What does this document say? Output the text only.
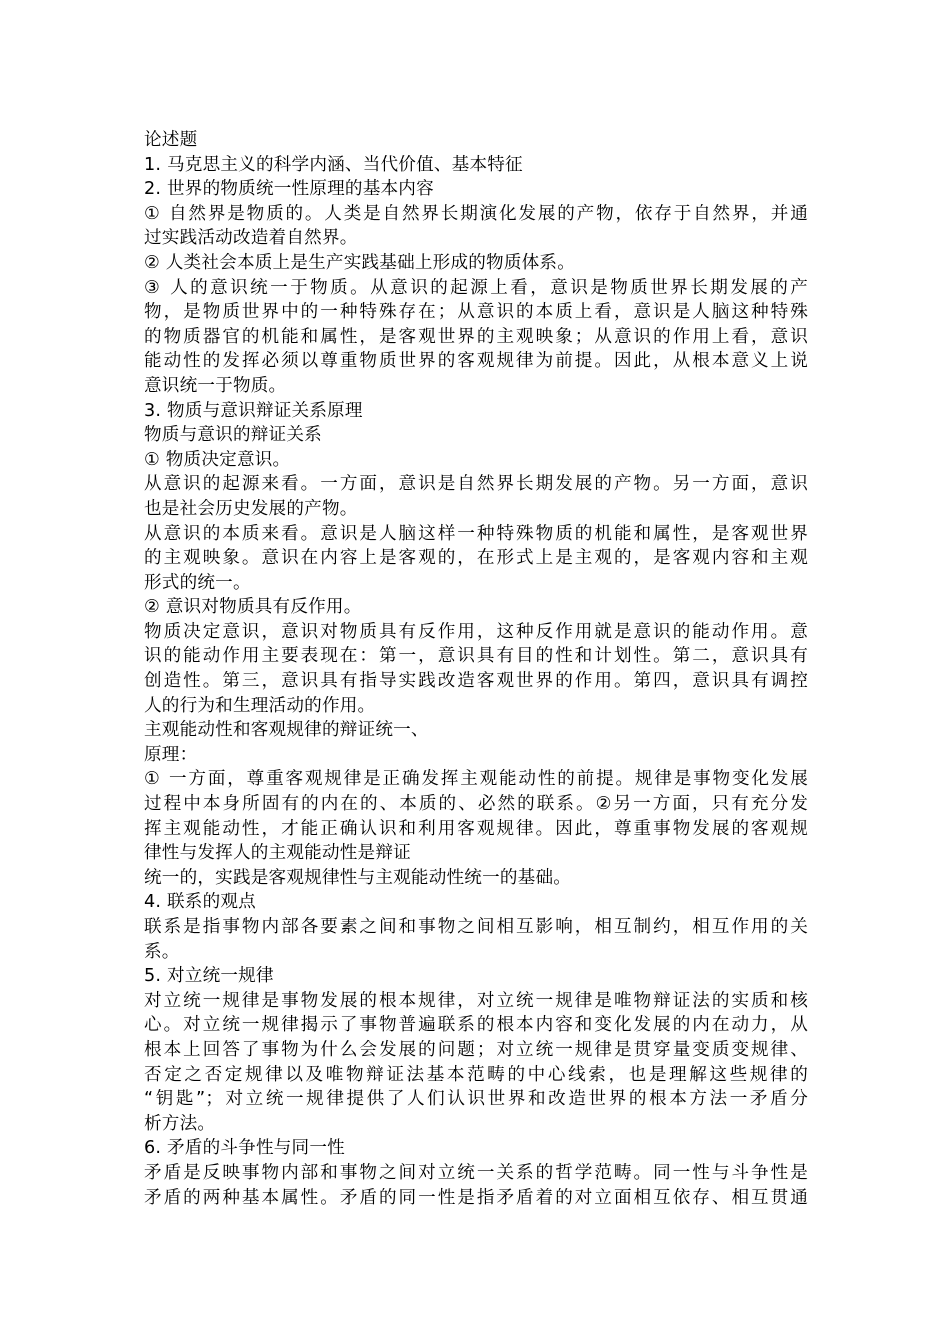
论述题
1. 马克思主义的科学内涵、当代价值、基本特征
2. 世界的物质统一性原理的基本内容
① 自然界是物质的。人类是自然界长期演化发展的产物，依存于自然界，并通
过实践活动改造着自然界。
② 人类社会本质上是生产实践基础上形成的物质体系。
③ 人的意识统一于物质。从意识的起源上看，意识是物质世界长期发展的产
物，是物质世界中的一种特殊存在；从意识的本质上看，意识是人脑这种特殊
的物质器官的机能和属性，是客观世界的主观映象；从意识的作用上看，意识
能动性的发挥必须以尊重物质世界的客观规律为前提。因此，从根本意义上说
意识统一于物质。
3. 物质与意识辩证关系原理
物质与意识的辩证关系
① 物质决定意识。
从意识的起源来看。一方面，意识是自然界长期发展的产物。另一方面，意识
也是社会历史发展的产物。
从意识的本质来看。意识是人脑这样一种特殊物质的机能和属性，是客观世界
的主观映象。意识在内容上是客观的，在形式上是主观的，是客观内容和主观
形式的统一。
② 意识对物质具有反作用。
物质决定意识，意识对物质具有反作用，这种反作用就是意识的能动作用。意
识的能动作用主要表现在：第一，意识具有目的性和计划性。第二，意识具有
创造性。第三，意识具有指导实践改造客观世界的作用。第四，意识具有调控
人的行为和生理活动的作用。
主观能动性和客观规律的辩证统一、
原理：
① 一方面，尊重客观规律是正确发挥主观能动性的前提。规律是事物变化发展
过程中本身所固有的内在的、本质的、必然的联系。②另一方面，只有充分发
挥主观能动性，才能正确认识和利用客观规律。因此，尊重事物发展的客观规
律性与发挥人的主观能动性是辩证
统一的，实践是客观规律性与主观能动性统一的基础。
4. 联系的观点
联系是指事物内部各要素之间和事物之间相互影响，相互制约，相互作用的关
系。
5. 对立统一规律
对立统一规律是事物发展的根本规律，对立统一规律是唯物辩证法的实质和核
心。对立统一规律揭示了事物普遍联系的根本内容和变化发展的内在动力，从
根本上回答了事物为什么会发展的问题；对立统一规律是贯穿量变质变规律、
否定之否定规律以及唯物辩证法基本范畴的中心线索，也是理解这些规律的
“钥匙”；对立统一规律提供了人们认识世界和改造世界的根本方法一矛盾分
析方法。
6. 矛盾的斗争性与同一性
矛盾是反映事物内部和事物之间对立统一关系的哲学范畴。同一性与斗争性是
矛盾的两种基本属性。矛盾的同一性是指矛盾着的对立面相互依存、相互贯通
